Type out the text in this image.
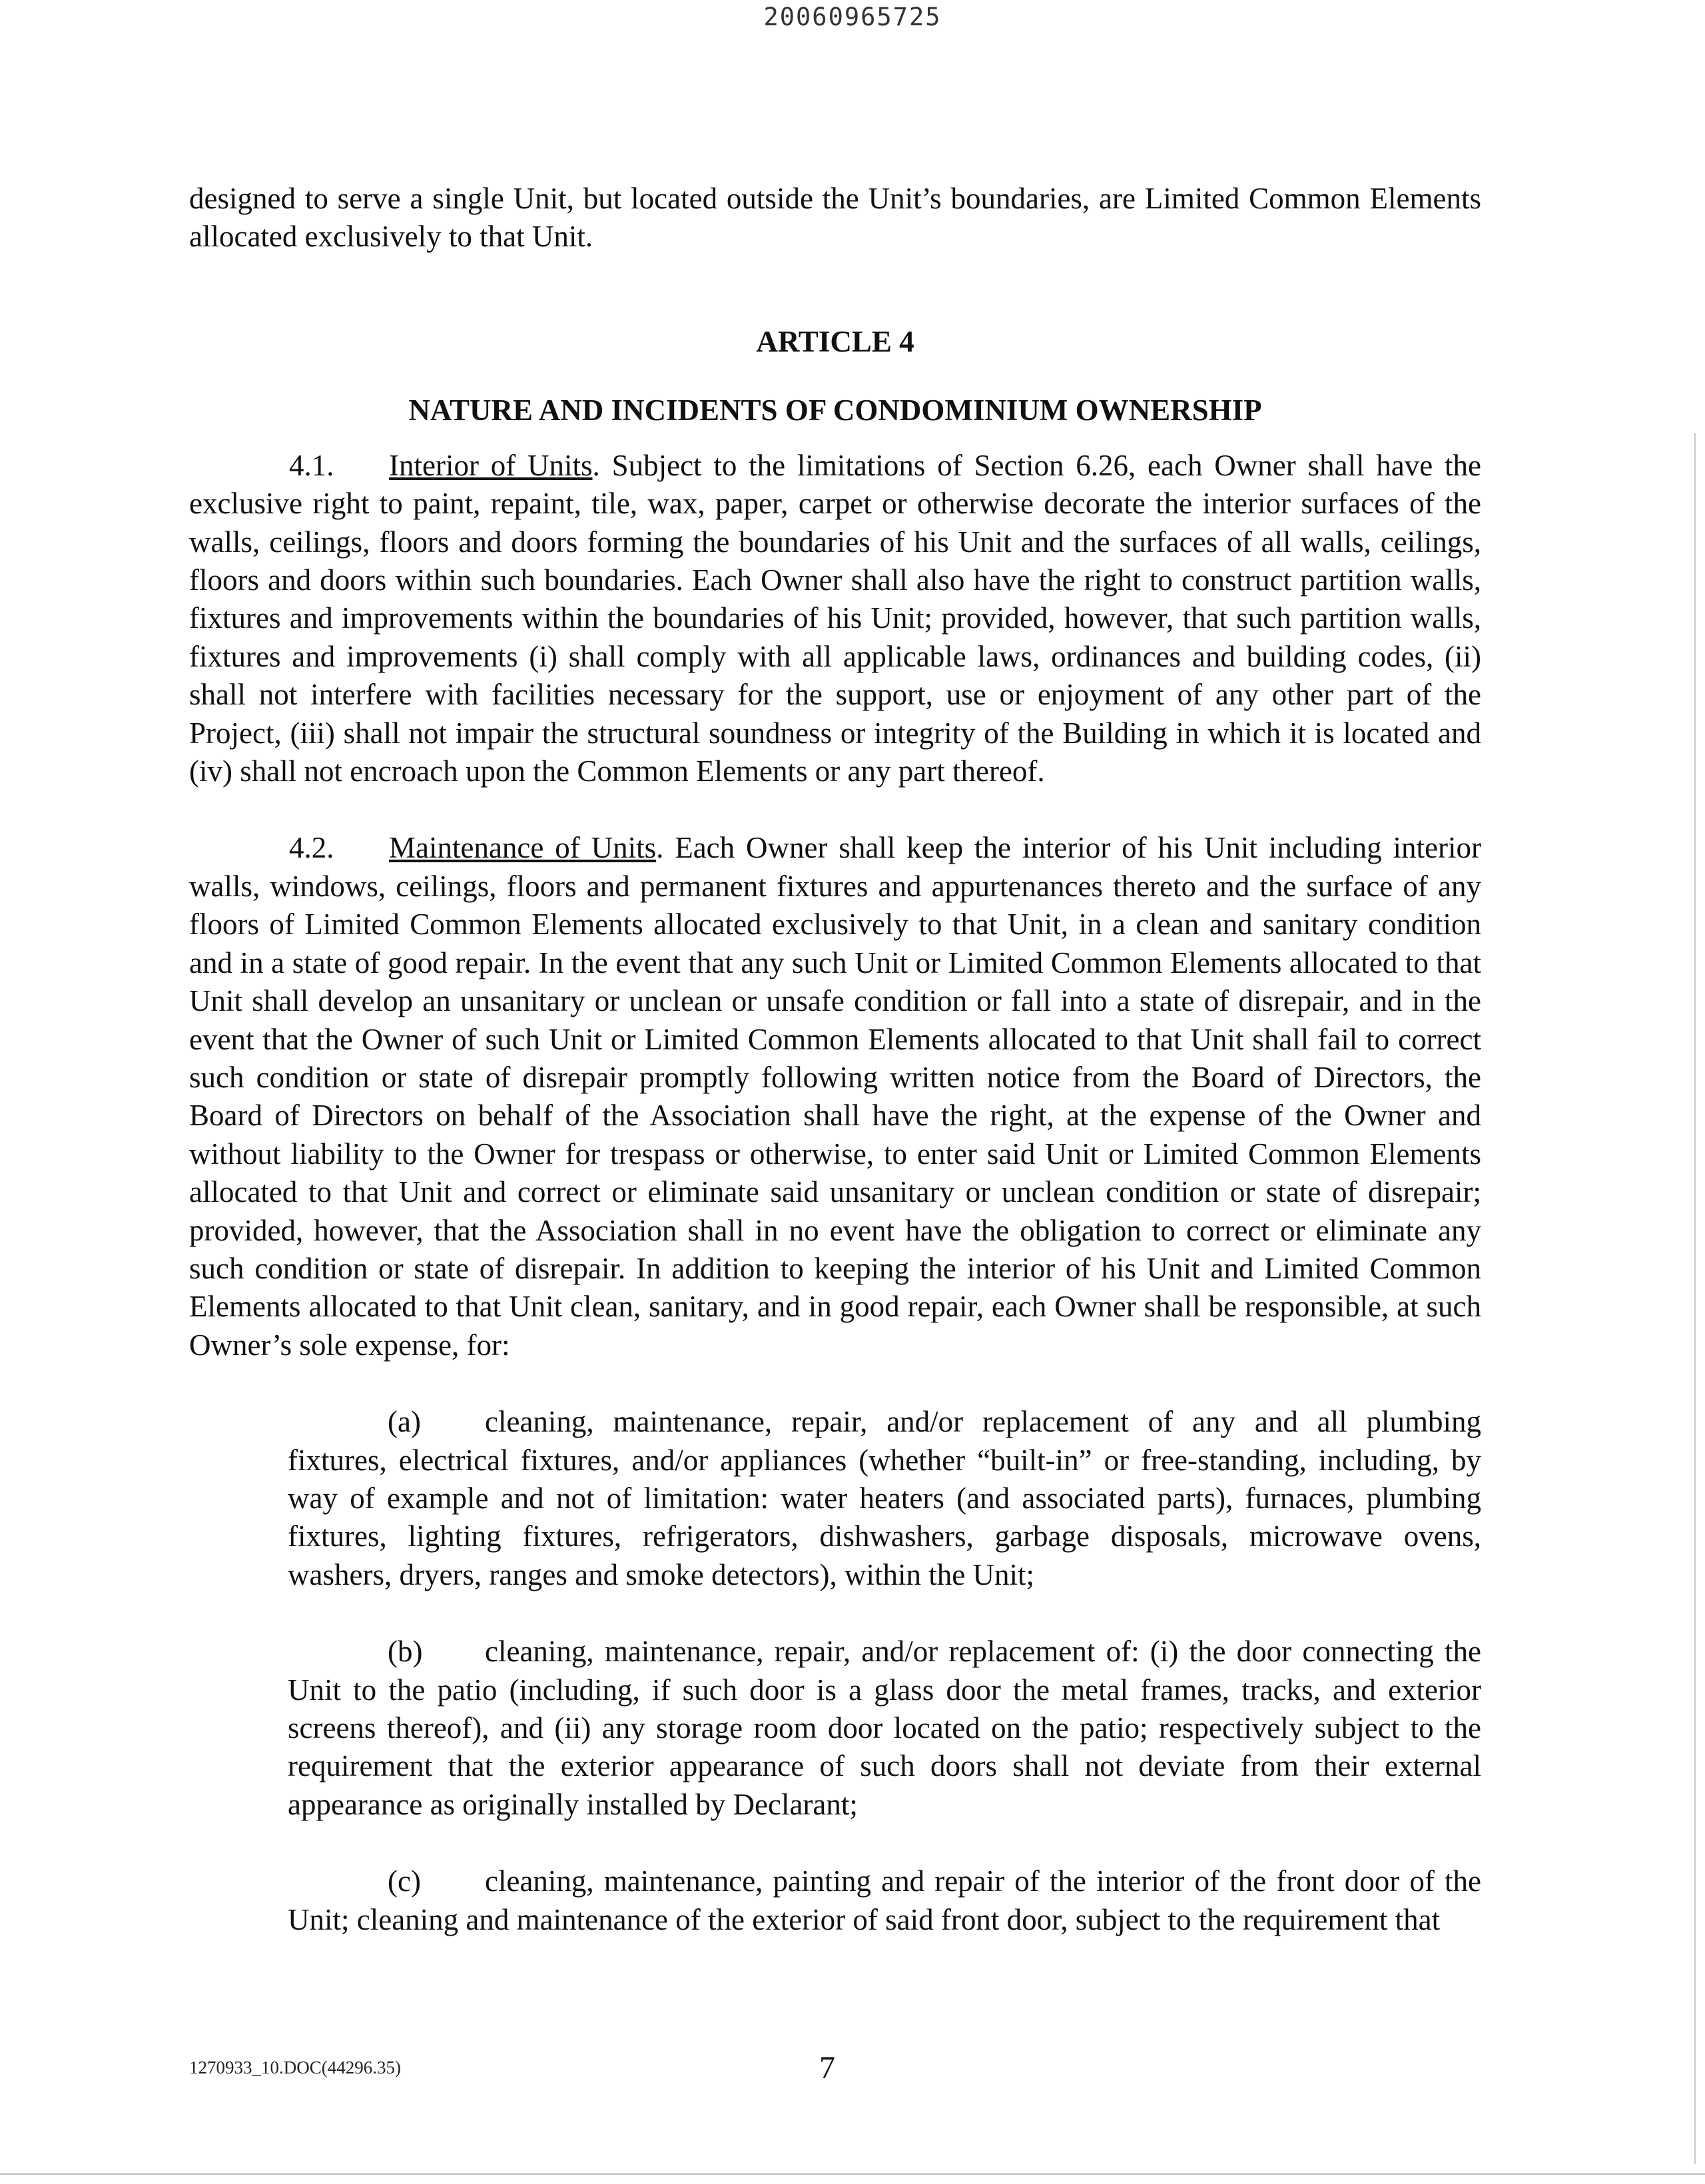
20060965725

designed to serve a single Unit, but located outside the Unit’s boundaries, are Limited Common Elements allocated exclusively to that Unit.

ARTICLE 4
NATURE AND INCIDENTS OF CONDOMINIUM OWNERSHIP

4.1. Interior of Units. Subject to the limitations of Section 6.26, each Owner shall have the exclusive right to paint, repaint, tile, wax, paper, carpet or otherwise decorate the interior surfaces of the walls, ceilings, floors and doors forming the boundaries of his Unit and the surfaces of all walls, ceilings, floors and doors within such boundaries. Each Owner shall also have the right to construct partition walls, fixtures and improvements within the boundaries of his Unit; provided, however, that such partition walls, fixtures and improvements (i) shall comply with all applicable laws, ordinances and building codes, (ii) shall not interfere with facilities necessary for the support, use or enjoyment of any other part of the Project, (iii) shall not impair the structural soundness or integrity of the Building in which it is located and (iv) shall not encroach upon the Common Elements or any part thereof.

4.2. Maintenance of Units. Each Owner shall keep the interior of his Unit including interior walls, windows, ceilings, floors and permanent fixtures and appurtenances thereto and the surface of any floors of Limited Common Elements allocated exclusively to that Unit, in a clean and sanitary condition and in a state of good repair. In the event that any such Unit or Limited Common Elements allocated to that Unit shall develop an unsanitary or unclean or unsafe condition or fall into a state of disrepair, and in the event that the Owner of such Unit or Limited Common Elements allocated to that Unit shall fail to correct such condition or state of disrepair promptly following written notice from the Board of Directors, the Board of Directors on behalf of the Association shall have the right, at the expense of the Owner and without liability to the Owner for trespass or otherwise, to enter said Unit or Limited Common Elements allocated to that Unit and correct or eliminate said unsanitary or unclean condition or state of disrepair; provided, however, that the Association shall in no event have the obligation to correct or eliminate any such condition or state of disrepair. In addition to keeping the interior of his Unit and Limited Common Elements allocated to that Unit clean, sanitary, and in good repair, each Owner shall be responsible, at such Owner’s sole expense, for:

(a) cleaning, maintenance, repair, and/or replacement of any and all plumbing fixtures, electrical fixtures, and/or appliances (whether “built-in” or free-standing, including, by way of example and not of limitation: water heaters (and associated parts), furnaces, plumbing fixtures, lighting fixtures, refrigerators, dishwashers, garbage disposals, microwave ovens, washers, dryers, ranges and smoke detectors), within the Unit;

(b) cleaning, maintenance, repair, and/or replacement of: (i) the door connecting the Unit to the patio (including, if such door is a glass door the metal frames, tracks, and exterior screens thereof), and (ii) any storage room door located on the patio; respectively subject to the requirement that the exterior appearance of such doors shall not deviate from their external appearance as originally installed by Declarant;

(c) cleaning, maintenance, painting and repair of the interior of the front door of the Unit; cleaning and maintenance of the exterior of said front door, subject to the requirement that

1270933_10.DOC(44296.35)	7
